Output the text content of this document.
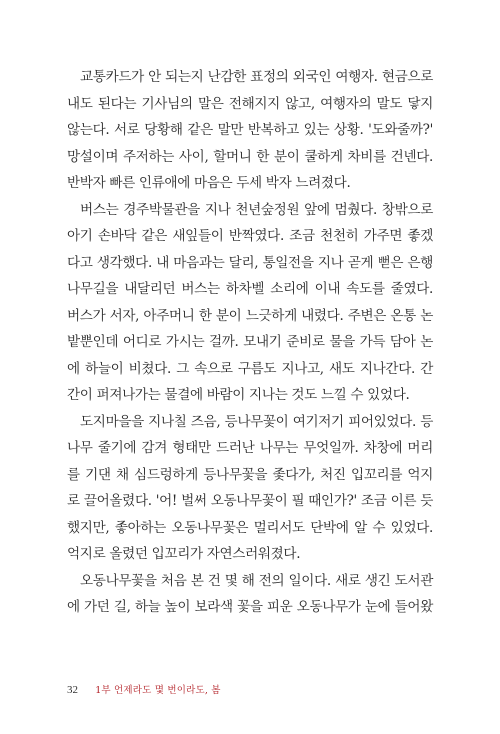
교통카드가 안 되는지 난감한 표정의 외국인 여행자. 현금으로
내도 된다는 기사님의 말은 전해지지 않고, 여행자의 말도 닿지
않는다. 서로 당황해 같은 말만 반복하고 있는 상황. '도와줄까?'
망설이며 주저하는 사이, 할머니 한 분이 쿨하게 차비를 건넨다.
반박자 빠른 인류애에 마음은 두세 박자 느려졌다.
버스는 경주박물관을 지나 천년숲정원 앞에 멈췄다. 창밖으로
아기 손바닥 같은 새잎들이 반짝였다. 조금 천천히 가주면 좋겠
다고 생각했다. 내 마음과는 달리, 통일전을 지나 곧게 뻗은 은행
나무길을 내달리던 버스는 하차벨 소리에 이내 속도를 줄였다.
버스가 서자, 아주머니 한 분이 느긋하게 내렸다. 주변은 온통 논
밭뿐인데 어디로 가시는 걸까. 모내기 준비로 물을 가득 담아 논
에 하늘이 비쳤다. 그 속으로 구름도 지나고, 새도 지나간다. 간
간이 퍼져나가는 물결에 바람이 지나는 것도 느낄 수 있었다.
도지마을을 지나칠 즈음, 등나무꽃이 여기저기 피어있었다. 등
나무 줄기에 감겨 형태만 드러난 나무는 무엇일까. 차창에 머리
를 기댄 채 심드렁하게 등나무꽃을 좇다가, 처진 입꼬리를 억지
로 끌어올렸다. '어! 벌써 오동나무꽃이 필 때인가?' 조금 이른 듯
했지만, 좋아하는 오동나무꽃은 멀리서도 단박에 알 수 있었다.
억지로 올렸던 입꼬리가 자연스러워졌다.
오동나무꽃을 처음 본 건 몇 해 전의 일이다. 새로 생긴 도서관
에 가던 길, 하늘 높이 보라색 꽃을 피운 오동나무가 눈에 들어왔
32 1부 언제라도 몇 번이라도, 봄
